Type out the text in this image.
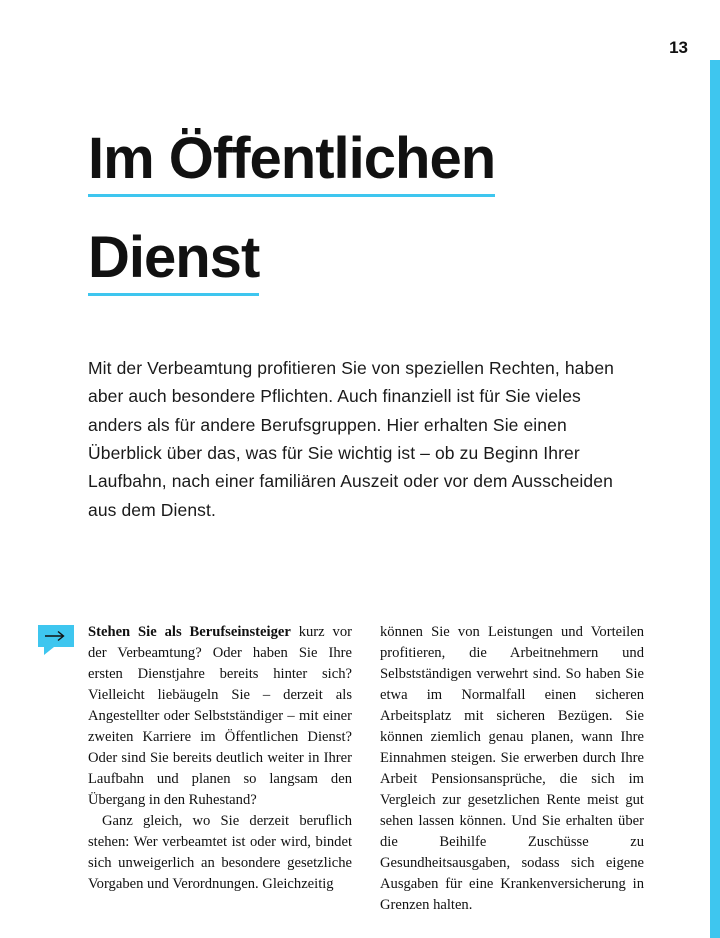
13
Im Öffentlichen
Dienst
Mit der Verbeamtung profitieren Sie von speziellen Rechten, haben aber auch besondere Pflichten. Auch finanziell ist für Sie vieles anders als für andere Berufsgruppen. Hier erhalten Sie einen Überblick über das, was für Sie wichtig ist – ob zu Beginn Ihrer Laufbahn, nach einer familiären Auszeit oder vor dem Ausscheiden aus dem Dienst.

Stehen Sie als Berufseinsteiger kurz vor der Verbeamtung? Oder haben Sie Ihre ersten Dienstjahre bereits hinter sich? Vielleicht liebäugeln Sie – derzeit als Angestellter oder Selbstständiger – mit einer zweiten Karriere im Öffentlichen Dienst? Oder sind Sie bereits deutlich weiter in Ihrer Laufbahn und planen so langsam den Übergang in den Ruhestand?

Ganz gleich, wo Sie derzeit beruflich stehen: Wer verbeamtet ist oder wird, bindet sich unweigerlich an besondere gesetzliche Vorgaben und Verordnungen. Gleichzeitig

können Sie von Leistungen und Vorteilen profitieren, die Arbeitnehmern und Selbstständigen verwehrt sind. So haben Sie etwa im Normalfall einen sicheren Arbeitsplatz mit sicheren Bezügen. Sie können ziemlich genau planen, wann Ihre Einnahmen steigen. Sie erwerben durch Ihre Arbeit Pensionsansprüche, die sich im Vergleich zur gesetzlichen Rente meist gut sehen lassen können. Und Sie erhalten über die Beihilfe Zuschüsse zu Gesundheitsausgaben, sodass sich eigene Ausgaben für eine Krankenversicherung in Grenzen halten.
